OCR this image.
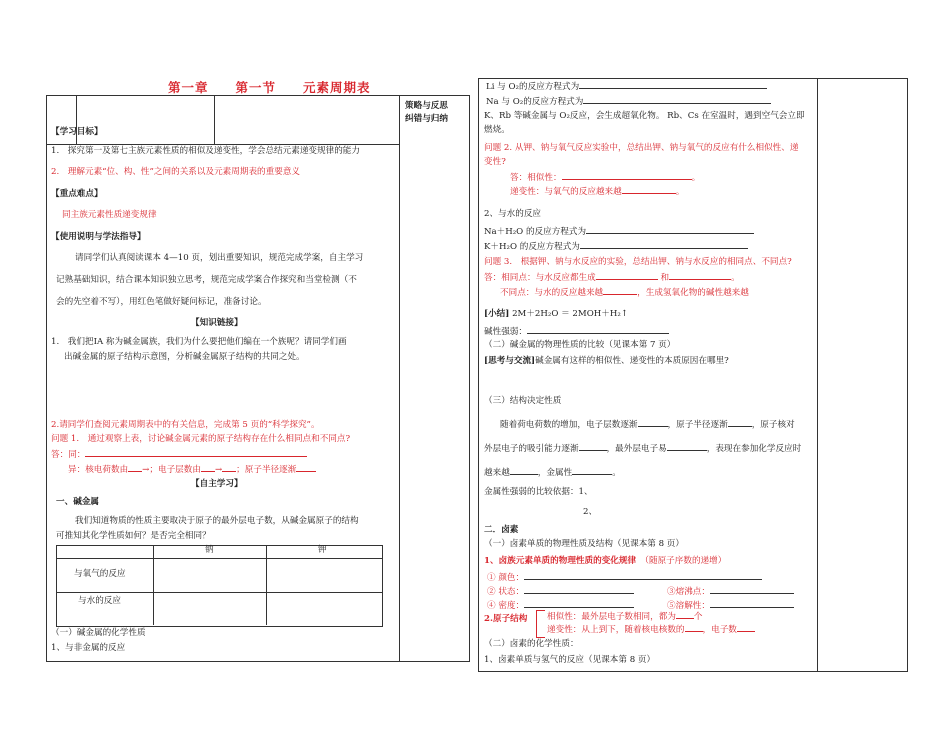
第一章　　第一节　　元素周期表
策略与反思
纠错与归纳
【学习目标】
1.　探究第一及第七主族元素性质的相似及递变性，学会总结元素递变规律的能力
2.　理解元素“位、构、性”之间的关系以及元素周期表的重要意义
【重点难点】
同主族元素性质递变规律
【使用说明与学法指导】
请同学们认真阅读课本 4—10 页，划出重要知识，规范完成学案，自主学习
记熟基础知识，结合课本知识独立思考，规范完成学案合作探究和当堂检测（不
会的先空着不写），用红色笔做好疑问标记，准备讨论。
【知识链接】
1.　我们把ⅠA 称为碱金属族，我们为什么要把他们编在一个族呢？请同学们画
出碱金属的原子结构示意图，分析碱金属原子结构的共同之处。
2.请同学们查阅元素周期表中的有关信息，完成第 5 页的“科学探究”。
问题 1.　通过观察上表，讨论碱金属元素的原子结构存在什么相同点和不同点?
答：同：
异：核电荷数由 →；电子层数由 → ；原子半径逐渐
【自主学习】
一、碱金属
我们知道物质的性质主要取决于原子的最外层电子数，从碱金属原子的结构
可推知其化学性质如何？是否完全相同？
钠	钾
与氧气的反应
与水的反应
（一）碱金属的化学性质
1、与非金属的反应
Li 与 O₂的反应方程式为
Na 与 O₂的反应方程式为
K、Rb 等碱金属与 O₂反应，会生成超氧化物。 Rb、Cs 在室温时，遇到空气会立即
燃烧。
问题 2. 从钾、钠与氧气反应实验中，总结出钾、钠与氧气的反应有什么相似性、递
变性?
答：相似性：	。
递变性：与氧气的反应越来越	。
2、与水的反应
Na＋H₂O 的反应方程式为
K＋H₂O 的反应方程式为
问题 3.　根据钾、钠与水反应的实验，总结出钾、钠与水反应的相同点、不同点?
答：相同点：与水反应都生成	和	。
不同点：与水的反应越来越	，生成氢氧化物的碱性越来越
[小结] 2M＋2H₂O ＝ 2MOH＋H₂↑
碱性强弱：
（二）碱金属的物理性质的比较（见课本第 7 页）
[思考与交流]碱金属有这样的相似性、递变性的本质原因在哪里?
（三）结构决定性质
随着荷电荷数的增加，电子层数逐渐	，原子半径逐渐	，原子核对
外层电子的吸引能力逐渐	，最外层电子易	，表现在参加化学反应时
越来越	，金属性	。
金属性强弱的比较依据：1、
2、
二．卤素
（一）卤素单质的物理性质及结构（见课本第 8 页）
1、卤族元素单质的物理性质的变化规律　 （随原子序数的递增）
① 颜色：
② 状态：	③熔沸点：
④ 密度：	⑤溶解性：
2.原子结构 相似性：最外层电子数相同，都为 个
递变性：从上到下，随着核电核数的 ，电子数
（二）卤素的化学性质：
1、卤素单质与氢气的反应（见课本第 8 页）
